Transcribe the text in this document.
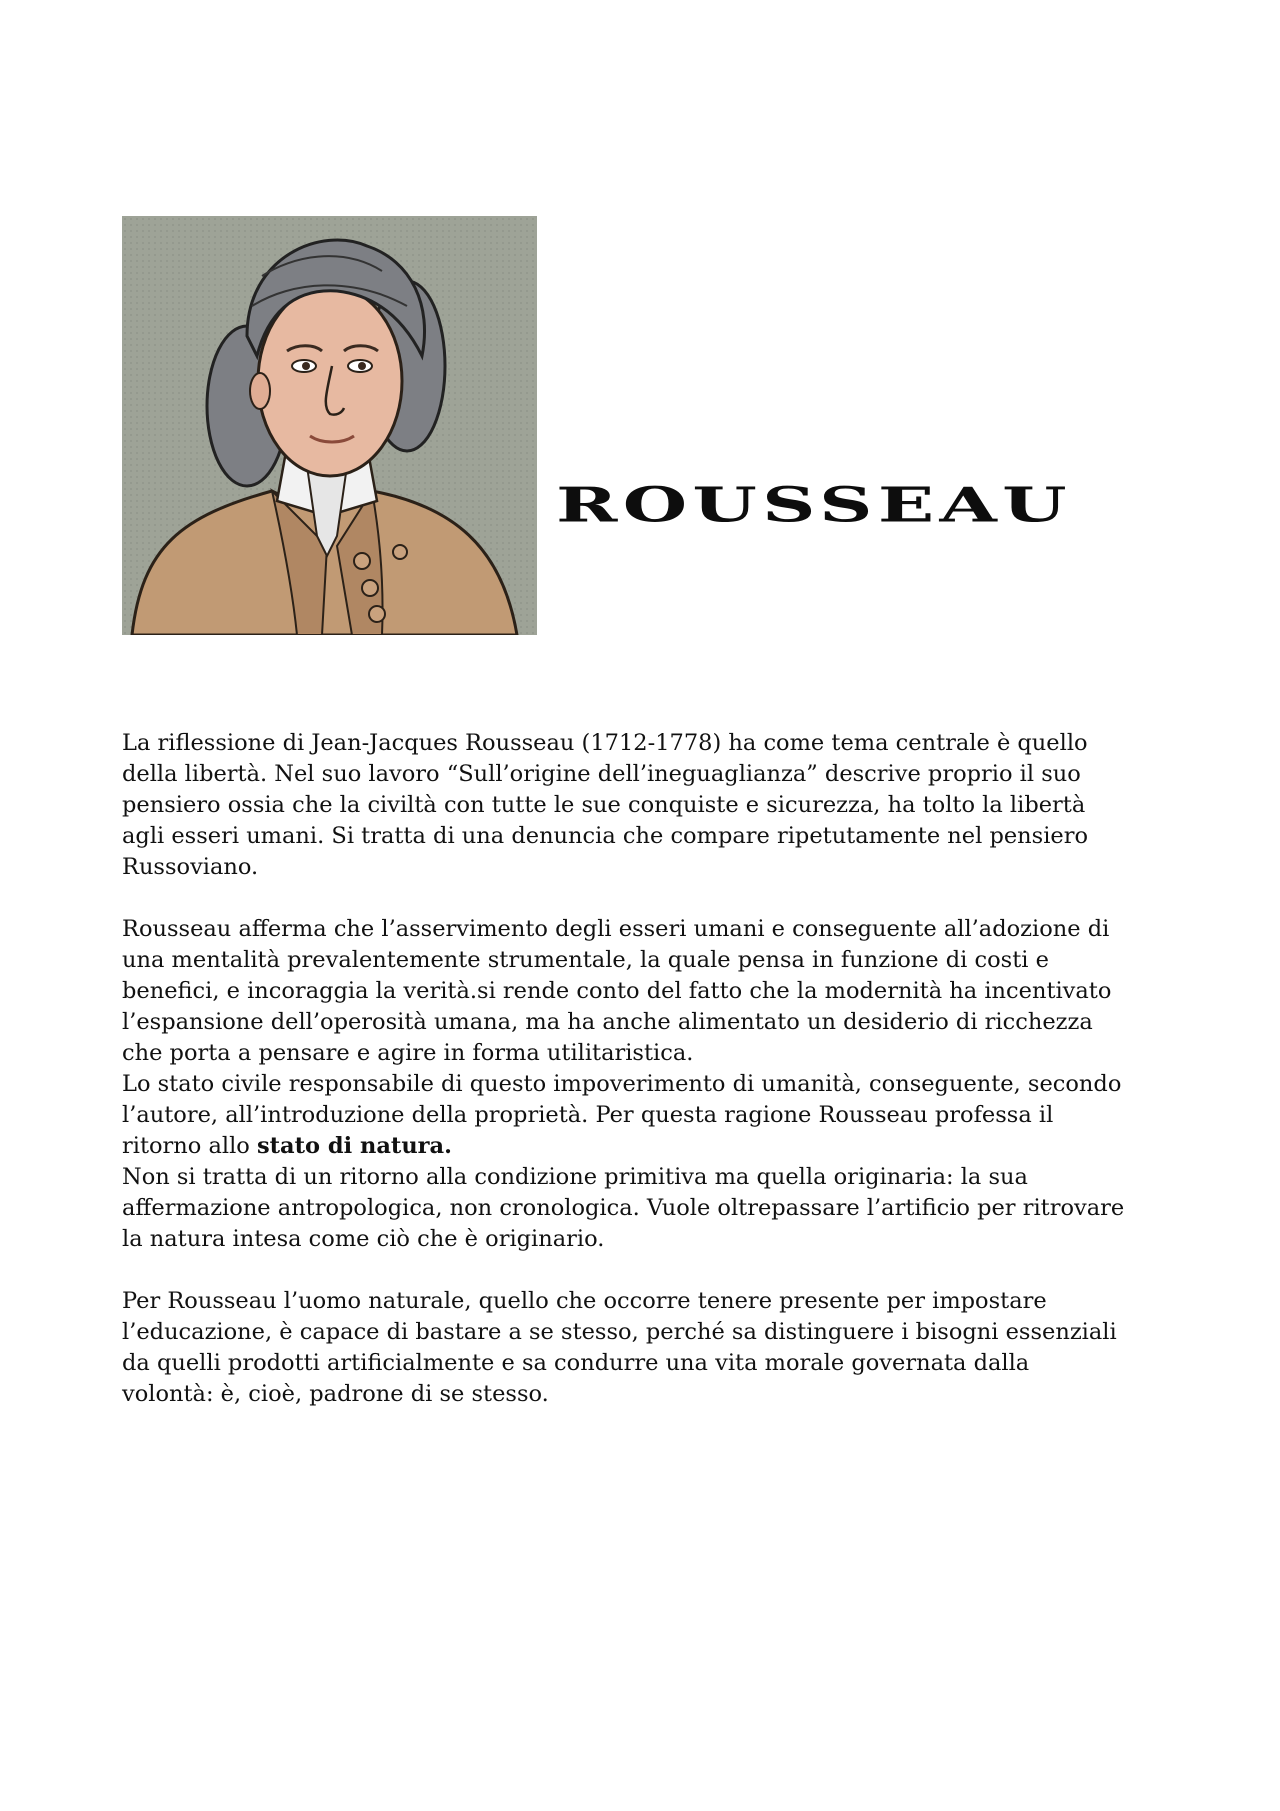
ROUSSEAU

La riflessione di Jean-Jacques Rousseau (1712-1778) ha come tema centrale è quello
della libertà. Nel suo lavoro “Sull’origine dell’ineguaglianza” descrive proprio il suo
pensiero ossia che la civiltà con tutte le sue conquiste e sicurezza, ha tolto la libertà
agli esseri umani. Si tratta di una denuncia che compare ripetutamente nel pensiero
Russoviano.

Rousseau afferma che l’asservimento degli esseri umani e conseguente all’adozione di
una mentalità prevalentemente strumentale, la quale pensa in funzione di costi e
benefici, e incoraggia la verità.si rende conto del fatto che la modernità ha incentivato
l’espansione dell’operosità umana, ma ha anche alimentato un desiderio di ricchezza
che porta a pensare e agire in forma utilitaristica.

Lo stato civile responsabile di questo impoverimento di umanità, conseguente, secondo
l’autore, all’introduzione della proprietà. Per questa ragione Rousseau professa il
ritorno allo stato di natura.

Non si tratta di un ritorno alla condizione primitiva ma quella originaria: la sua
affermazione antropologica, non cronologica. Vuole oltrepassare l’artificio per ritrovare
la natura intesa come ciò che è originario.

Per Rousseau l’uomo naturale, quello che occorre tenere presente per impostare
l’educazione, è capace di bastare a se stesso, perché sa distinguere i bisogni essenziali
da quelli prodotti artificialmente e sa condurre una vita morale governata dalla
volontà: è, cioè, padrone di se stesso.
